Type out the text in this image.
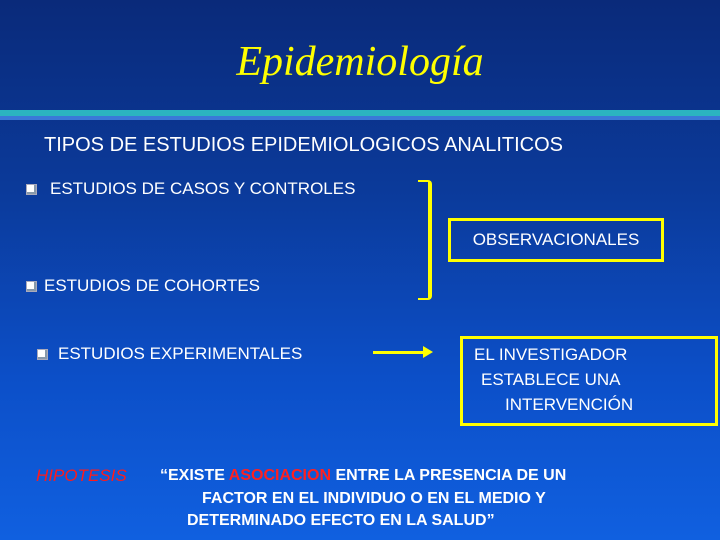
Epidemiología
TIPOS DE ESTUDIOS EPIDEMIOLOGICOS ANALITICOS
ESTUDIOS DE CASOS Y CONTROLES
ESTUDIOS DE COHORTES
ESTUDIOS EXPERIMENTALES
OBSERVACIONALES
EL INVESTIGADOR
ESTABLECE UNA
INTERVENCIÓN
HIPOTESIS “EXISTE ASOCIACION ENTRE LA PRESENCIA DE UN
FACTOR EN EL INDIVIDUO O EN EL MEDIO Y
DETERMINADO EFECTO EN LA SALUD”
